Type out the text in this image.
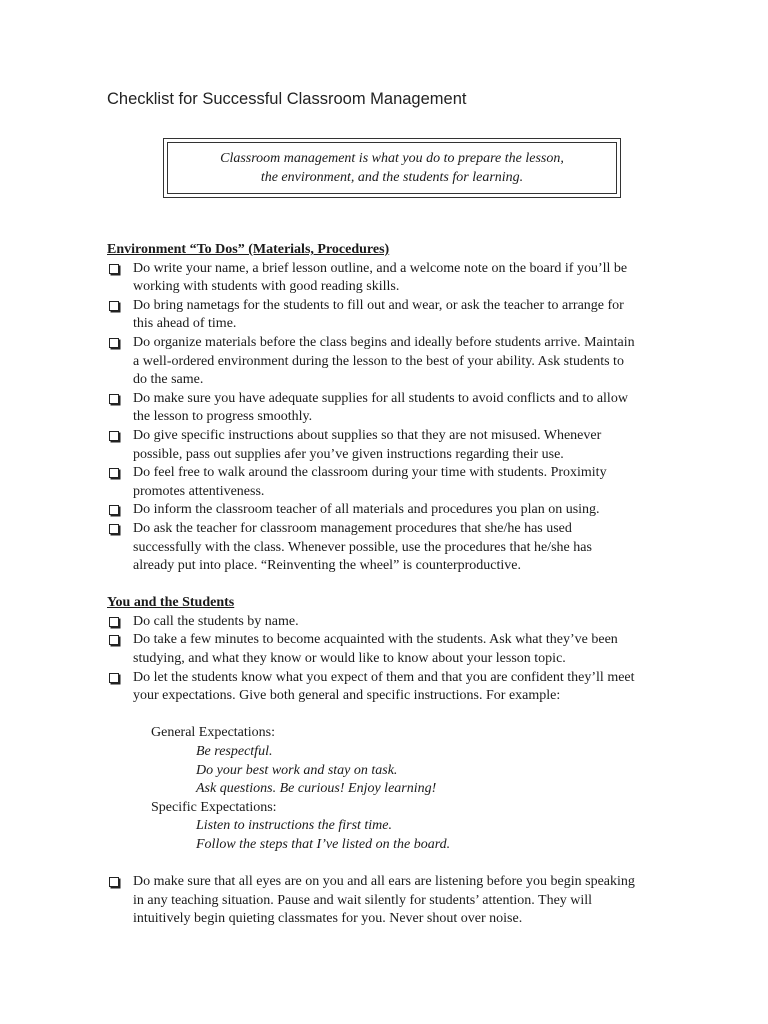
Checklist for Successful Classroom Management
Classroom management is what you do to prepare the lesson,
the environment, and the students for learning.
Environment “To Dos” (Materials, Procedures)
Do write your name, a brief lesson outline, and a welcome note on the board if you’ll be
working with students with good reading skills.
Do bring nametags for the students to fill out and wear, or ask the teacher to arrange for
this ahead of time.
Do organize materials before the class begins and ideally before students arrive. Maintain
a well-ordered environment during the lesson to the best of your ability. Ask students to
do the same.
Do make sure you have adequate supplies for all students to avoid conflicts and to allow
the lesson to progress smoothly.
Do give specific instructions about supplies so that they are not misused. Whenever
possible, pass out supplies afer you’ve given instructions regarding their use.
Do feel free to walk around the classroom during your time with students. Proximity
promotes attentiveness.
Do inform the classroom teacher of all materials and procedures you plan on using.
Do ask the teacher for classroom management procedures that she/he has used
successfully with the class. Whenever possible, use the procedures that he/she has
already put into place. “Reinventing the wheel” is counterproductive.
You and the Students
Do call the students by name.
Do take a few minutes to become acquainted with the students. Ask what they’ve been
studying, and what they know or would like to know about your lesson topic.
Do let the students know what you expect of them and that you are confident they’ll meet
your expectations. Give both general and specific instructions. For example:
General Expectations:
Be respectful.
Do your best work and stay on task.
Ask questions. Be curious! Enjoy learning!
Specific Expectations:
Listen to instructions the first time.
Follow the steps that I’ve listed on the board.
Do make sure that all eyes are on you and all ears are listening before you begin speaking
in any teaching situation. Pause and wait silently for students’ attention. They will
intuitively begin quieting classmates for you. Never shout over noise.
